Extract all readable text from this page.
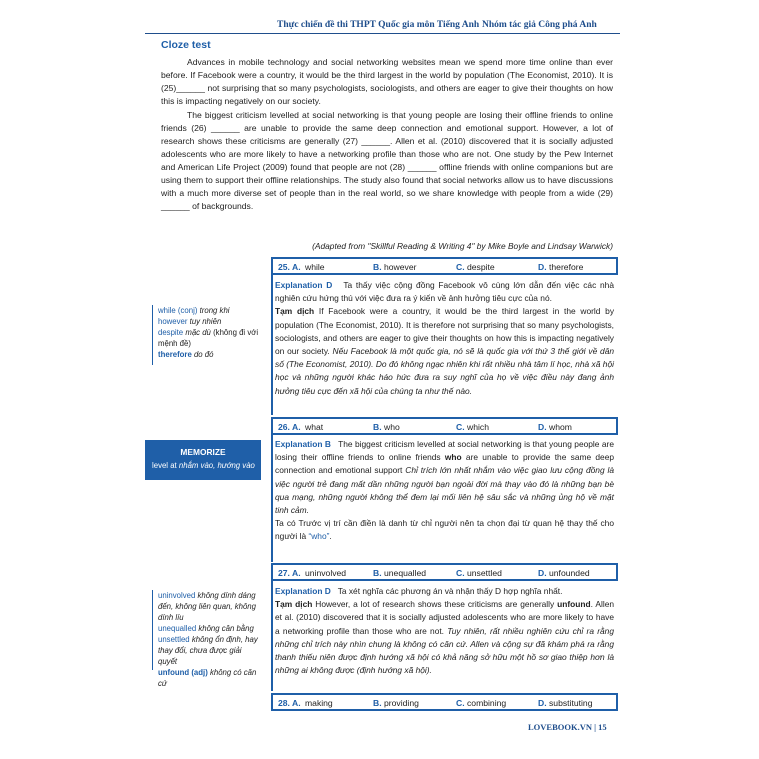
Thực chiến đề thi THPT Quốc gia môn Tiếng Anh Nhóm tác giả Công phá Anh
Cloze test

Advances in mobile technology and social networking websites mean we spend more time online than ever before. If Facebook were a country, it would be the third largest in the world by population (The Economist, 2010). It is (25)______ not surprising that so many psychologists, sociologists, and others are eager to give their thoughts on how this is impacting negatively on our society.

The biggest criticism levelled at social networking is that young people are losing their offline friends to online friends (26) ______ are unable to provide the same deep connection and emotional support. However, a lot of research shows these criticisms are generally (27) ______. Allen et al. (2010) discovered that it is socially adjusted adolescents who are more likely to have a networking profile than those who are not. One study by the Pew Internet and American Life Project (2009) found that people are not (28) ______ offline friends with online companions but are using them to support their offline relationships. The study also found that social networks allow us to have discussions with a much more diverse set of people than in the real world, so we share knowledge with people from a wide (29) ______ of backgrounds.

(Adapted from "Skillful Reading & Writing 4" by Mike Boyle and Lindsay Warwick)
25. A. while	B. however	C. despite	D. therefore
Explanation D Ta thấy việc cộng đồng Facebook vô cùng lớn dẫn đến việc các nhà nghiên cứu hứng thú với việc đưa ra ý kiến về ảnh hưởng tiêu cực của nó.
Tạm dịch If Facebook were a country, it would be the third largest in the world by population (The Economist, 2010). It is therefore not surprising that so many psychologists, sociologists, and others are eager to give their thoughts on how this is impacting negatively on our society. Nếu Facebook là một quốc gia, nó sẽ là quốc gia với thứ 3 thế giới về dân số (The Economist, 2010). Do đó không ngạc nhiên khi rất nhiều nhà tâm lí học, nhà xã hội học và những người khác háo hức đưa ra suy nghĩ của họ về việc điều này đang ảnh hưởng tiêu cực đến xã hội của chúng ta như thế nào.
while (conj) trong khi
however tuy nhiên
despite mặc dù (không đi với mệnh đề)
therefore do đó
26. A. what	B. who	C. which	D. whom
Explanation B The biggest criticism levelled at social networking is that young people are losing their offline friends to online friends who are unable to provide the same deep connection and emotional support Chỉ trích lớn nhất nhắm vào việc giao lưu cộng đồng là việc người trẻ đang mất dần những người bạn ngoài đời mà thay vào đó là những bạn bè qua mạng, những người không thể đem lại mối liên hệ sâu sắc và những ủng hộ về mặt tinh cảm.
Ta có Trước vị trí cần điền là danh từ chỉ người nên ta chọn đại từ quan hệ thay thế cho người là “who”.
MEMORIZE
level at nhắm vào, hướng vào
27. A. uninvolved	B. unequalled	C. unsettled	D. unfounded
Explanation D Ta xét nghĩa các phương án và nhận thấy D hợp nghĩa nhất.
Tạm dịch However, a lot of research shows these criticisms are generally unfound. Allen et al. (2010) discovered that it is socially adjusted adolescents who are more likely to have a networking profile than those who are not. Tuy nhiên, rất nhiều nghiên cứu chỉ ra rằng những chỉ trích này nhìn chung là không có căn cứ. Allen và cộng sự đã khám phá ra rằng thanh thiếu niên được định hướng xã hội có khả năng sở hữu một hồ sơ giao thiệp hơn là những ai không được (định hướng xã hội).
uninvolved không dính dáng đến, không liên quan, không dính líu
unequalled không cân bằng
unsettled không ổn định, hay thay đổi, chưa được giải quyết
unfound (adj) không có căn cứ
28. A. making	B. providing	C. combining	D. substituting
LOVEBOOK.VN | 15
